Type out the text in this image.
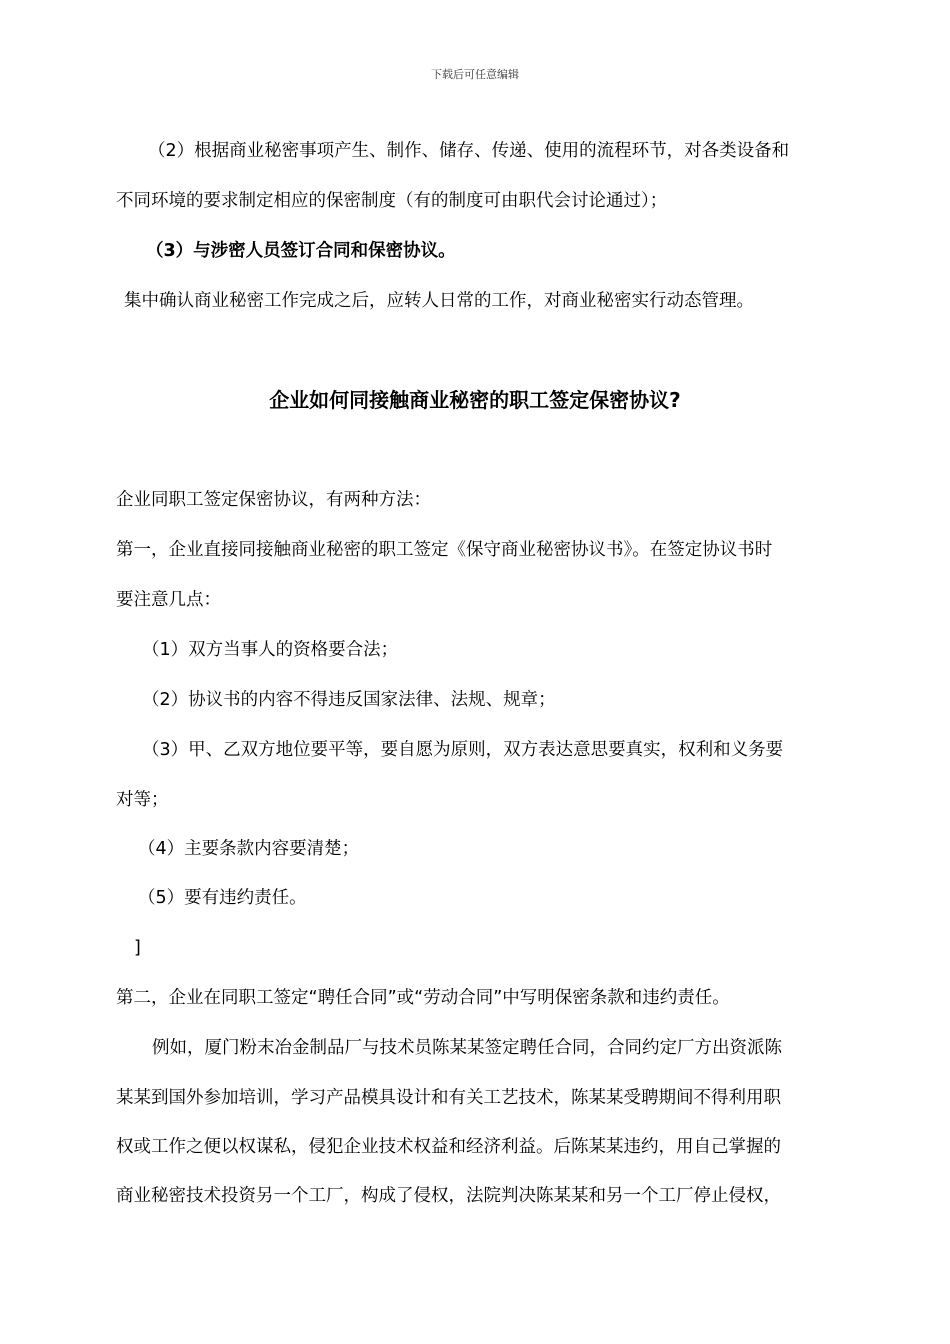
下载后可任意编辑
（2）根据商业秘密事项产生、制作、储存、传递、使用的流程环节，对各类设备和
不同环境的要求制定相应的保密制度（有的制度可由职代会讨论通过）；
（3）与涉密人员签订合同和保密协议。
集中确认商业秘密工作完成之后，应转人日常的工作，对商业秘密实行动态管理。
企业如何同接触商业秘密的职工签定保密协议?
企业同职工签定保密协议，有两种方法：
第一，企业直接同接触商业秘密的职工签定《保守商业秘密协议书》。在签定协议书时
要注意几点：
（1）双方当事人的资格要合法；
（2）协议书的内容不得违反国家法律、法规、规章；
（3）甲、乙双方地位要平等，要自愿为原则，双方表达意思要真实，权利和义务要
对等；
（4）主要条款内容要清楚；
（5）要有违约责任。
]
第二，企业在同职工签定“聘任合同”或“劳动合同”中写明保密条款和违约责任。
例如，厦门粉末冶金制品厂与技术员陈某某签定聘任合同，合同约定厂方出资派陈
某某到国外参加培训，学习产品模具设计和有关工艺技术，陈某某受聘期间不得利用职
权或工作之便以权谋私，侵犯企业技术权益和经济利益。后陈某某违约，用自己掌握的
商业秘密技术投资另一个工厂，构成了侵权，法院判决陈某某和另一个工厂停止侵权，
